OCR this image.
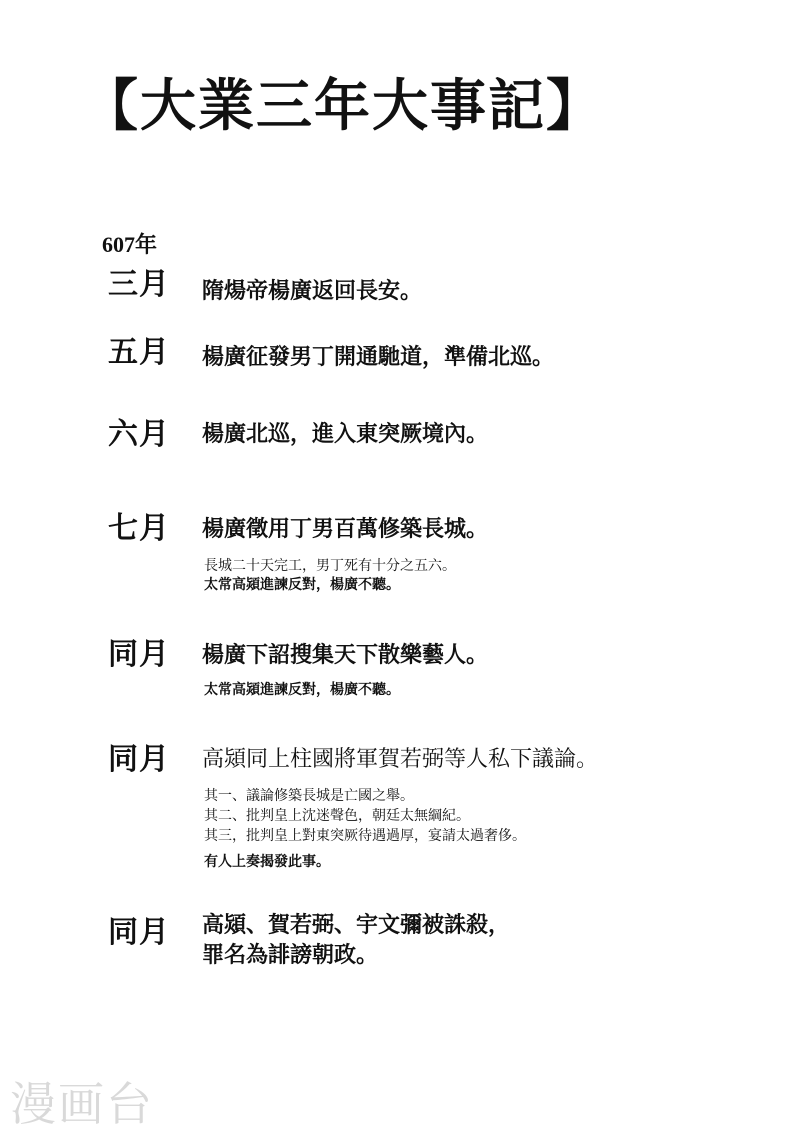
【大業三年大事記】
607年
三月 隋煬帝楊廣返回長安。
五月 楊廣征發男丁開通馳道，準備北巡。
六月 楊廣北巡，進入東突厥境內。
七月 楊廣徵用丁男百萬修築長城。
長城二十天完工，男丁死有十分之五六。
太常高熲進諫反對，楊廣不聽。
同月 楊廣下詔搜集天下散樂藝人。
太常高熲進諫反對，楊廣不聽。
同月 高熲同上柱國將軍賀若弼等人私下議論。
其一、議論修築長城是亡國之舉。
其二、批判皇上沈迷聲色，朝廷太無綱紀。
其三，批判皇上對東突厥待遇過厚，宴請太過奢侈。
有人上奏揭發此事。
同月 高熲、賀若弼、宇文彌被誅殺，
罪名為誹謗朝政。
漫画台
